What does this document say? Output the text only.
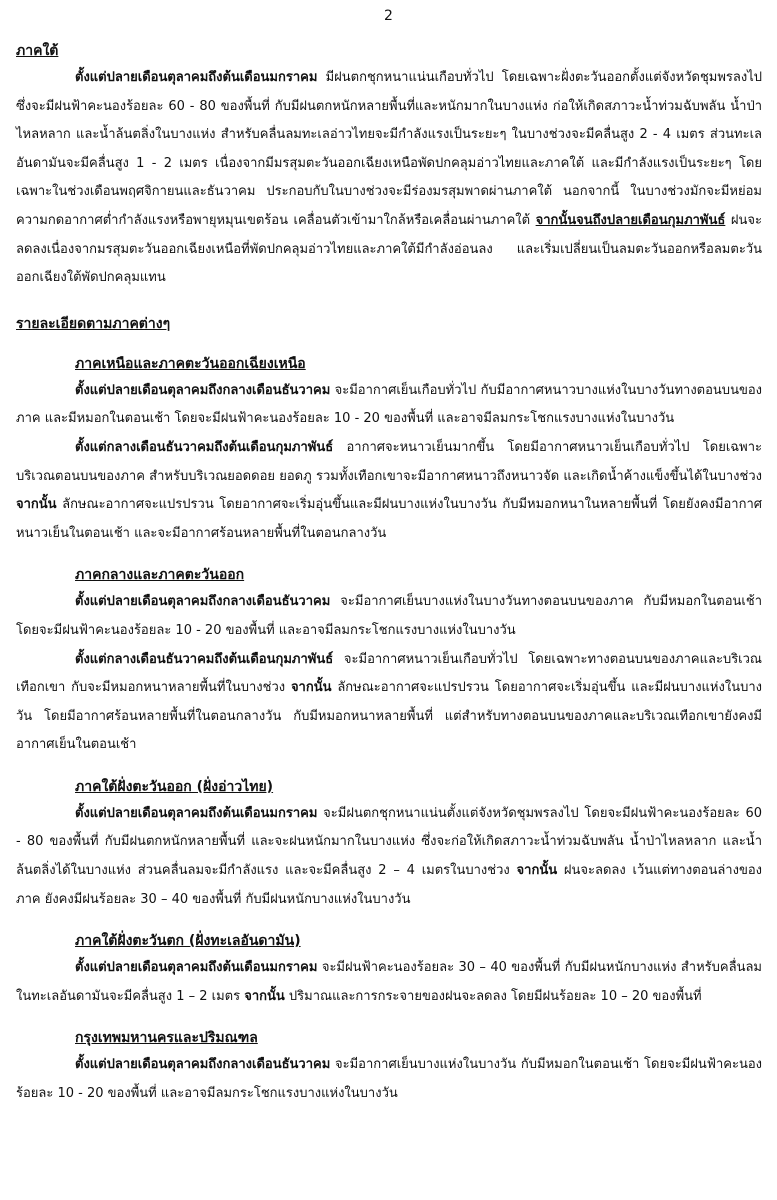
2
ภาคใต้

ตั้งแต่ปลายเดือนตุลาคมถึงต้นเดือนมกราคม มีฝนตกชุกหนาแน่นเกือบทั่วไป โดยเฉพาะฝั่งตะวันออกตั้งแต่จังหวัดชุมพรลงไป ซึ่งจะมีฝนฟ้าคะนองร้อยละ 60 - 80 ของพื้นที่ กับมีฝนตกหนักหลายพื้นที่และหนักมากในบางแห่ง ก่อให้เกิดสภาวะน้ำท่วมฉับพลัน น้ำป่าไหลหลาก และน้ำล้นตลิ่งในบางแห่ง สำหรับคลื่นลมทะเลอ่าวไทยจะมีกำลังแรงเป็นระยะๆ ในบางช่วงจะมีคลื่นสูง 2 - 4 เมตร ส่วนทะเลอันดามันจะมีคลื่นสูง 1 - 2 เมตร เนื่องจากมีมรสุมตะวันออกเฉียงเหนือพัดปกคลุมอ่าวไทยและภาคใต้ และมีกำลังแรงเป็นระยะๆ โดยเฉพาะในช่วงเดือนพฤศจิกายนและธันวาคม ประกอบกับในบางช่วงจะมีร่องมรสุมพาดผ่านภาคใต้ นอกจากนี้ ในบางช่วงมักจะมีหย่อมความกดอากาศต่ำกำลังแรงหรือพายุหมุนเขตร้อน เคลื่อนตัวเข้ามาใกล้หรือเคลื่อนผ่านภาคใต้ จากนั้นจนถึงปลายเดือนกุมภาพันธ์ ฝนจะลดลงเนื่องจากมรสุมตะวันออกเฉียงเหนือที่พัดปกคลุมอ่าวไทยและภาคใต้มีกำลังอ่อนลง และเริ่มเปลี่ยนเป็นลมตะวันออกหรือลมตะวันออกเฉียงใต้พัดปกคลุมแทน

รายละเอียดตามภาคต่างๆ
ภาคเหนือและภาคตะวันออกเฉียงเหนือ

ตั้งแต่ปลายเดือนตุลาคมถึงกลางเดือนธันวาคม จะมีอากาศเย็นเกือบทั่วไป กับมีอากาศหนาวบางแห่งในบางวันทางตอนบนของภาค และมีหมอกในตอนเช้า โดยจะมีฝนฟ้าคะนองร้อยละ 10 - 20 ของพื้นที่ และอาจมีลมกระโชกแรงบางแห่งในบางวัน

ตั้งแต่กลางเดือนธันวาคมถึงต้นเดือนกุมภาพันธ์ อากาศจะหนาวเย็นมากขึ้น โดยมีอากาศหนาวเย็นเกือบทั่วไป โดยเฉพาะบริเวณตอนบนของภาค สำหรับบริเวณยอดดอย ยอดภู รวมทั้งเทือกเขาจะมีอากาศหนาวถึงหนาวจัด และเกิดน้ำค้างแข็งขึ้นได้ในบางช่วง จากนั้น ลักษณะอากาศจะแปรปรวน โดยอากาศจะเริ่มอุ่นขึ้นและมีฝนบางแห่งในบางวัน กับมีหมอกหนาในหลายพื้นที่ โดยยังคงมีอากาศหนาวเย็นในตอนเช้า และจะมีอากาศร้อนหลายพื้นที่ในตอนกลางวัน

ภาคกลางและภาคตะวันออก

ตั้งแต่ปลายเดือนตุลาคมถึงกลางเดือนธันวาคม จะมีอากาศเย็นบางแห่งในบางวันทางตอนบนของภาค กับมีหมอกในตอนเช้า โดยจะมีฝนฟ้าคะนองร้อยละ 10 - 20 ของพื้นที่ และอาจมีลมกระโชกแรงบางแห่งในบางวัน

ตั้งแต่กลางเดือนธันวาคมถึงต้นเดือนกุมภาพันธ์ จะมีอากาศหนาวเย็นเกือบทั่วไป โดยเฉพาะทางตอนบนของภาคและบริเวณเทือกเขา กับจะมีหมอกหนาหลายพื้นที่ในบางช่วง จากนั้น ลักษณะอากาศจะแปรปรวน โดยอากาศจะเริ่มอุ่นขึ้น และมีฝนบางแห่งในบางวัน โดยมีอากาศร้อนหลายพื้นที่ในตอนกลางวัน กับมีหมอกหนาหลายพื้นที่ แต่สำหรับทางตอนบนของภาคและบริเวณเทือกเขายังคงมีอากาศเย็นในตอนเช้า

ภาคใต้ฝั่งตะวันออก (ฝั่งอ่าวไทย)

ตั้งแต่ปลายเดือนตุลาคมถึงต้นเดือนมกราคม จะมีฝนตกชุกหนาแน่นตั้งแต่จังหวัดชุมพรลงไป โดยจะมีฝนฟ้าคะนองร้อยละ 60 - 80 ของพื้นที่ กับมีฝนตกหนักหลายพื้นที่ และจะฝนหนักมากในบางแห่ง ซึ่งจะก่อให้เกิดสภาวะน้ำท่วมฉับพลัน น้ำป่าไหลหลาก และน้ำล้นตลิ่งได้ในบางแห่ง ส่วนคลื่นลมจะมีกำลังแรง และจะมีคลื่นสูง 2 – 4 เมตรในบางช่วง จากนั้น ฝนจะลดลง เว้นแต่ทางตอนล่างของภาค ยังคงมีฝนร้อยละ 30 – 40 ของพื้นที่ กับมีฝนหนักบางแห่งในบางวัน

ภาคใต้ฝั่งตะวันตก (ฝั่งทะเลอันดามัน)

ตั้งแต่ปลายเดือนตุลาคมถึงต้นเดือนมกราคม จะมีฝนฟ้าคะนองร้อยละ 30 – 40 ของพื้นที่ กับมีฝนหนักบางแห่ง สำหรับคลื่นลมในทะเลอันดามันจะมีคลื่นสูง 1 – 2 เมตร จากนั้น ปริมาณและการกระจายของฝนจะลดลง โดยมีฝนร้อยละ 10 – 20 ของพื้นที่

กรุงเทพมหานครและปริมณฑล

ตั้งแต่ปลายเดือนตุลาคมถึงกลางเดือนธันวาคม จะมีอากาศเย็นบางแห่งในบางวัน กับมีหมอกในตอนเช้า โดยจะมีฝนฟ้าคะนองร้อยละ 10 - 20 ของพื้นที่ และอาจมีลมกระโชกแรงบางแห่งในบางวัน
